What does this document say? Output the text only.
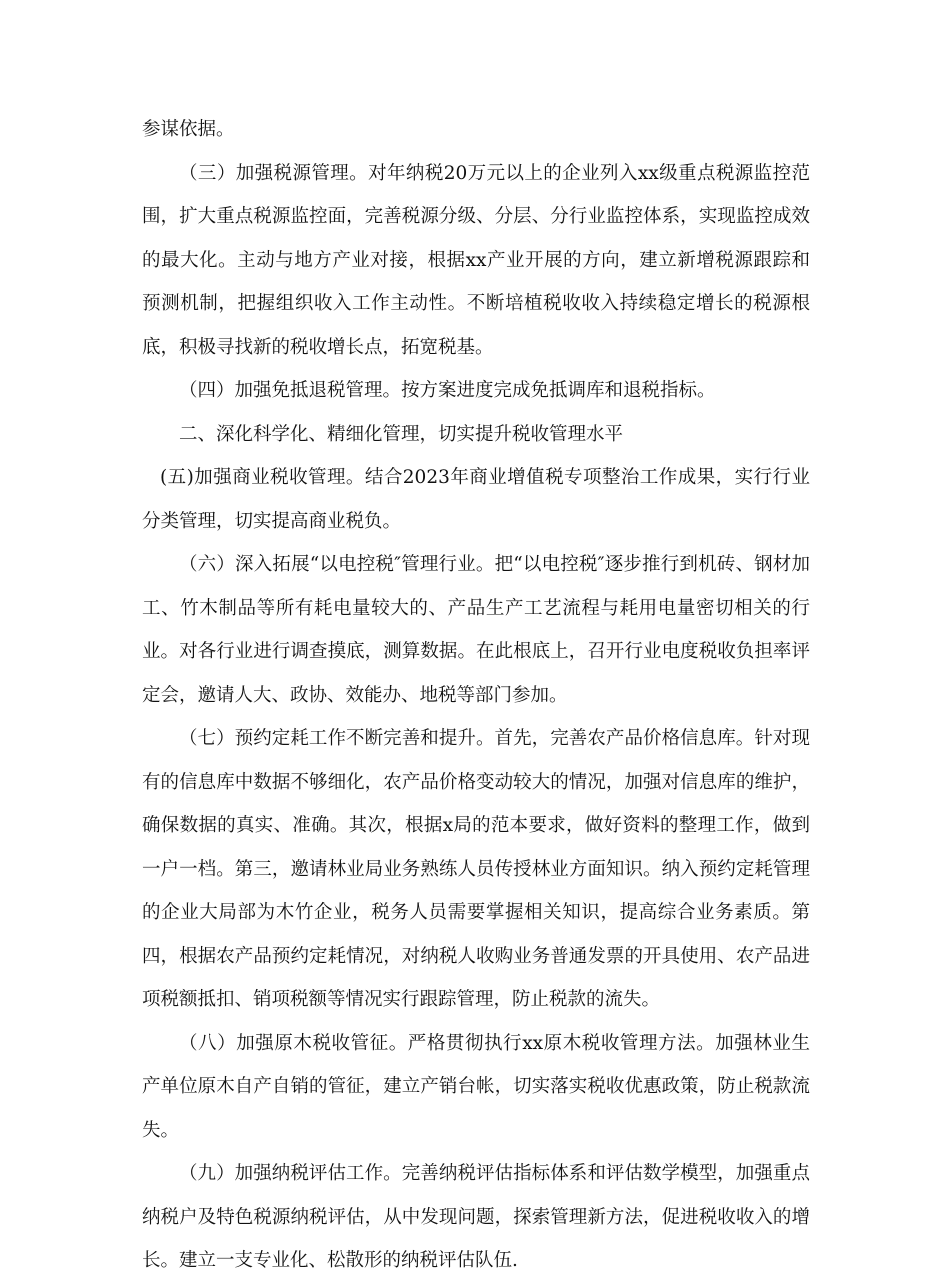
参谋依据。

（三）加强税源管理。对年纳税20万元以上的企业列入xx级重点税源监控范围，扩大重点税源监控面，完善税源分级、分层、分行业监控体系，实现监控成效的最大化。主动与地方产业对接，根据xx产业开展的方向，建立新增税源跟踪和预测机制，把握组织收入工作主动性。不断培植税收收入持续稳定增长的税源根底，积极寻找新的税收增长点，拓宽税基。

（四）加强免抵退税管理。按方案进度完成免抵调库和退税指标。

二、深化科学化、精细化管理，切实提升税收管理水平

(五)加强商业税收管理。结合2023年商业增值税专项整治工作成果，实行行业分类管理，切实提高商业税负。

（六）深入拓展“以电控税″管理行业。把“以电控税″逐步推行到机砖、钢材加工、竹木制品等所有耗电量较大的、产品生产工艺流程与耗用电量密切相关的行业。对各行业进行调查摸底，测算数据。在此根底上，召开行业电度税收负担率评定会，邀请人大、政协、效能办、地税等部门参加。

（七）预约定耗工作不断完善和提升。首先，完善农产品价格信息库。针对现有的信息库中数据不够细化，农产品价格变动较大的情况，加强对信息库的维护，确保数据的真实、准确。其次，根据x局的范本要求，做好资料的整理工作，做到一户一档。第三，邀请林业局业务熟练人员传授林业方面知识。纳入预约定耗管理的企业大局部为木竹企业，税务人员需要掌握相关知识，提高综合业务素质。第四，根据农产品预约定耗情况，对纳税人收购业务普通发票的开具使用、农产品进项税额抵扣、销项税额等情况实行跟踪管理，防止税款的流失。

（八）加强原木税收管征。严格贯彻执行xx原木税收管理方法。加强林业生产单位原木自产自销的管征，建立产销台帐，切实落实税收优惠政策，防止税款流失。

（九）加强纳税评估工作。完善纳税评估指标体系和评估数学模型，加强重点纳税户及特色税源纳税评估，从中发现问题，探索管理新方法，促进税收收入的增长。建立一支专业化、松散形的纳税评估队伍.
